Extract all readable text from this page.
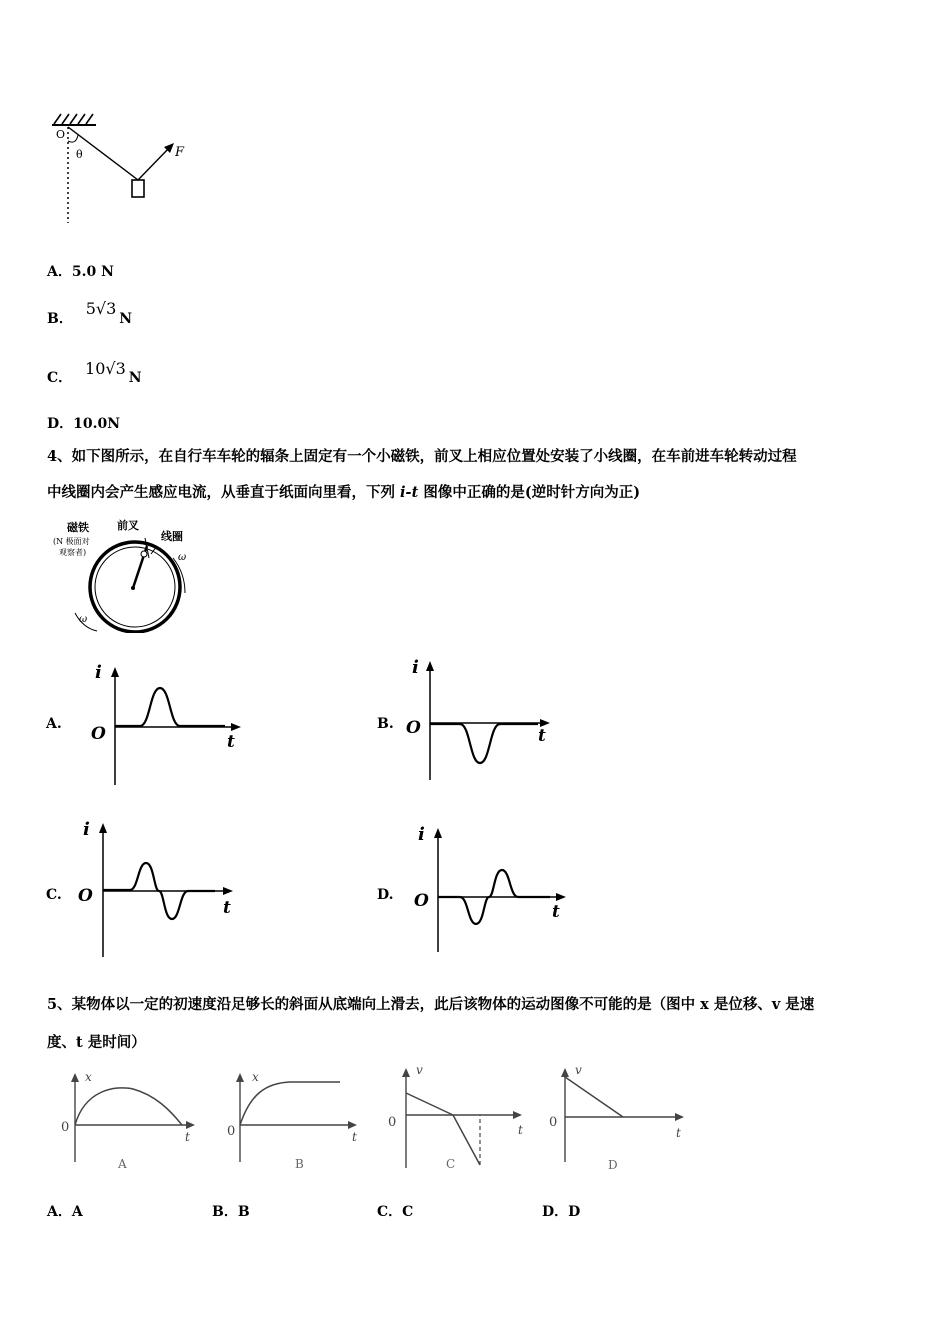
O
θ	F
A．5.0 N
B． 5√3N
C． 10√3 N
D．10.0N
4、如下图所示，在自行车车轮的辐条上固定有一个小磁铁，前叉上相应位置处安装了小线圈，在车前进车轮转动过程
中线圈内会产生感应电流，从垂直于纸面向里看，下列 i-t 图像中正确的是(逆时针方向为正)
磁铁
(N 极面对
观察者)
前叉
线圈
ω
ω
A.
i
O	t
B.
i
O	t
C.
i
O
t
D.
i
O
t
5、某物体以一定的初速度沿足够长的斜面从底端向上滑去，此后该物体的运动图像不可能的是（图中 x 是位移、v 是速
度、t 是时间）
x
0
t
A
x
0	t
B
v
0	t
C
v
0
t
D
A．A	B．B	C．C	D．D
